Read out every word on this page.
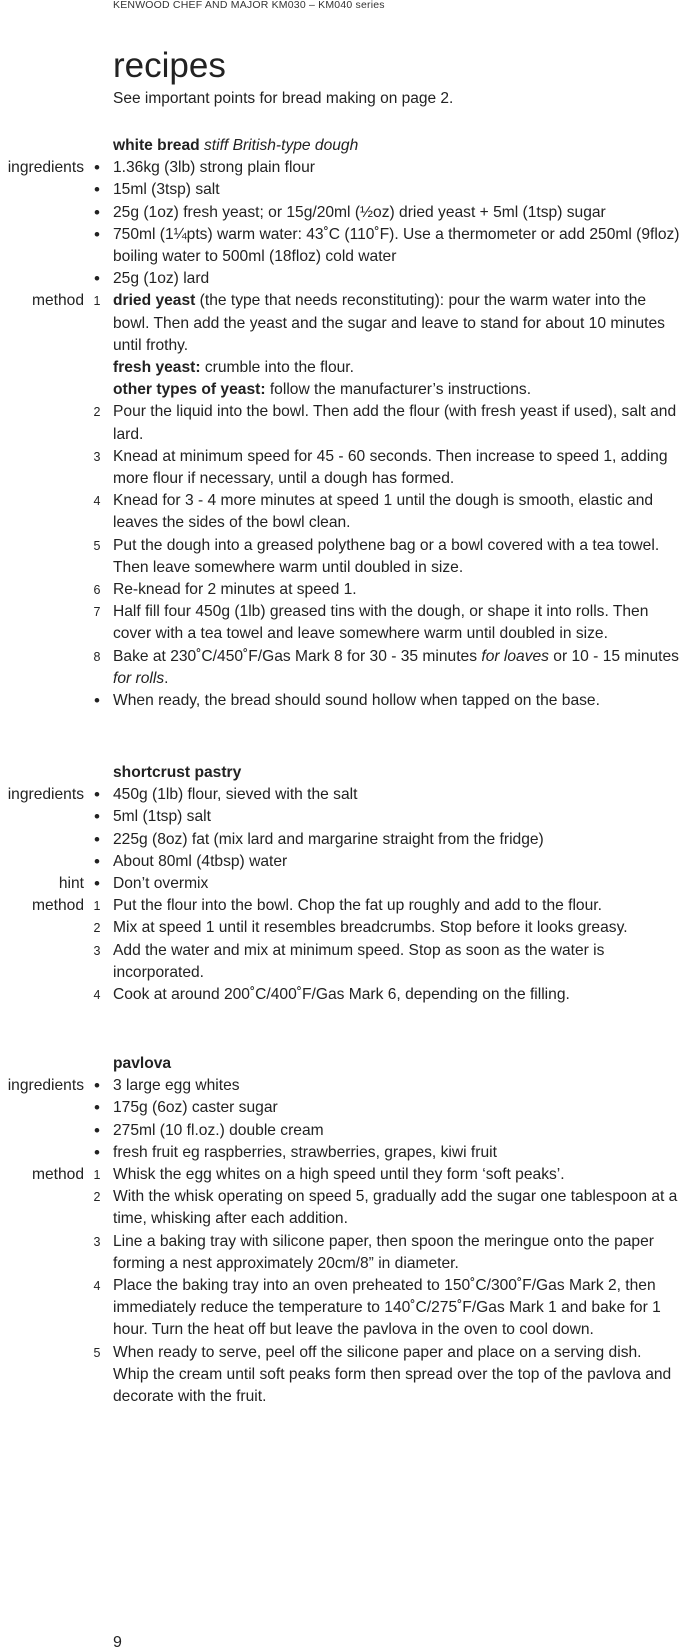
KENWOOD CHEF AND MAJOR KM030 – KM040 series
recipes
See important points for bread making on page 2.
white bread stiff British-type dough
ingredients • 1.36kg (3lb) strong plain flour
• 15ml (3tsp) salt
• 25g (1oz) fresh yeast; or 15g/20ml (½oz) dried yeast + 5ml (1tsp) sugar
• 750ml (1¼pts) warm water: 43˚C (110˚F). Use a thermometer or add 250ml (9floz) boiling water to 500ml (18floz) cold water
• 25g (1oz) lard
method 1 dried yeast (the type that needs reconstituting): pour the warm water into the bowl. Then add the yeast and the sugar and leave to stand for about 10 minutes until frothy.
fresh yeast: crumble into the flour.
other types of yeast: follow the manufacturer’s instructions.
2 Pour the liquid into the bowl. Then add the flour (with fresh yeast if used), salt and lard.
3 Knead at minimum speed for 45 - 60 seconds. Then increase to speed 1, adding more flour if necessary, until a dough has formed.
4 Knead for 3 - 4 more minutes at speed 1 until the dough is smooth, elastic and leaves the sides of the bowl clean.
5 Put the dough into a greased polythene bag or a bowl covered with a tea towel. Then leave somewhere warm until doubled in size.
6 Re-knead for 2 minutes at speed 1.
7 Half fill four 450g (1lb) greased tins with the dough, or shape it into rolls. Then cover with a tea towel and leave somewhere warm until doubled in size.
8 Bake at 230˚C/450˚F/Gas Mark 8 for 30 - 35 minutes for loaves or 10 - 15 minutes for rolls.
• When ready, the bread should sound hollow when tapped on the base.
shortcrust pastry
ingredients • 450g (1lb) flour, sieved with the salt
• 5ml (1tsp) salt
• 225g (8oz) fat (mix lard and margarine straight from the fridge)
• About 80ml (4tbsp) water
hint • Don’t overmix
method 1 Put the flour into the bowl. Chop the fat up roughly and add to the flour.
2 Mix at speed 1 until it resembles breadcrumbs. Stop before it looks greasy.
3 Add the water and mix at minimum speed. Stop as soon as the water is incorporated.
4 Cook at around 200˚C/400˚F/Gas Mark 6, depending on the filling.
pavlova
ingredients • 3 large egg whites
• 175g (6oz) caster sugar
• 275ml (10 fl.oz.) double cream
• fresh fruit eg raspberries, strawberries, grapes, kiwi fruit
method 1 Whisk the egg whites on a high speed until they form ‘soft peaks’.
2 With the whisk operating on speed 5, gradually add the sugar one tablespoon at a time, whisking after each addition.
3 Line a baking tray with silicone paper, then spoon the meringue onto the paper forming a nest approximately 20cm/8” in diameter.
4 Place the baking tray into an oven preheated to 150˚C/300˚F/Gas Mark 2, then immediately reduce the temperature to 140˚C/275˚F/Gas Mark 1 and bake for 1 hour. Turn the heat off but leave the pavlova in the oven to cool down.
5 When ready to serve, peel off the silicone paper and place on a serving dish. Whip the cream until soft peaks form then spread over the top of the pavlova and decorate with the fruit.
9
